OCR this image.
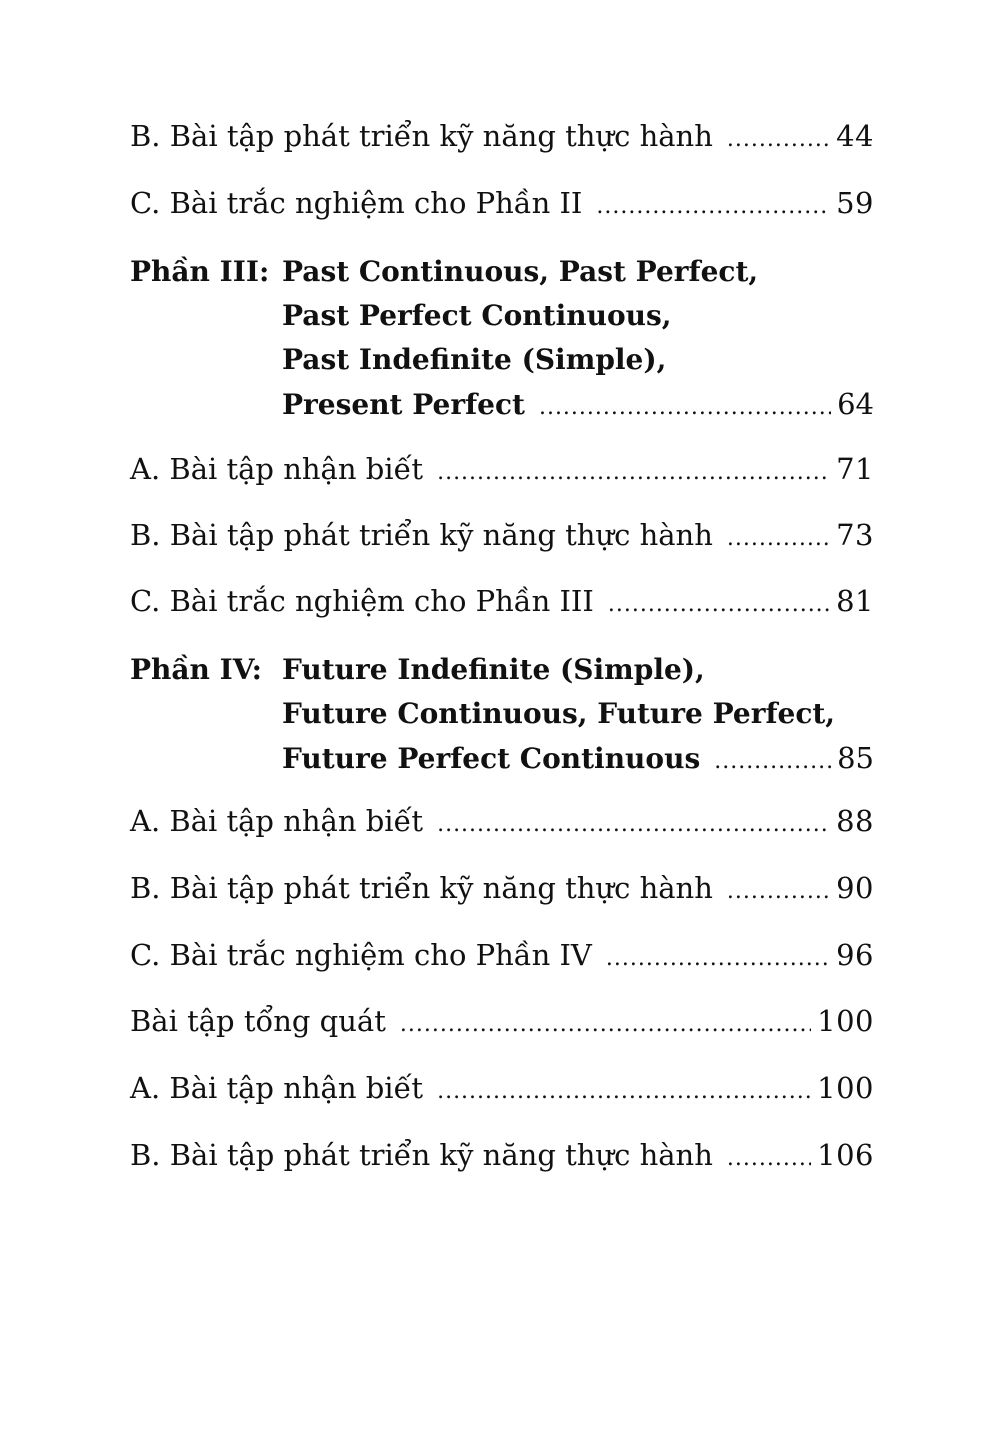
B. Bài tập phát triển kỹ năng thực hành .....	44
C. Bài trắc nghiệm cho Phần II .....	59
Phần III: Past Continuous, Past Perfect,
Past Perfect Continuous,
Past Indefinite (Simple),
Present Perfect .....	64
A. Bài tập nhận biết .....	71
B. Bài tập phát triển kỹ năng thực hành .....	73
C. Bài trắc nghiệm cho Phần III .....	81
Phần IV: Future Indefinite (Simple),
Future Continuous, Future Perfect,
Future Perfect Continuous .....	85
A. Bài tập nhận biết .....	88
B. Bài tập phát triển kỹ năng thực hành .....	90
C. Bài trắc nghiệm cho Phần IV .....	96
Bài tập tổng quát .....	100
A. Bài tập nhận biết .....	100
B. Bài tập phát triển kỹ năng thực hành .....	106
